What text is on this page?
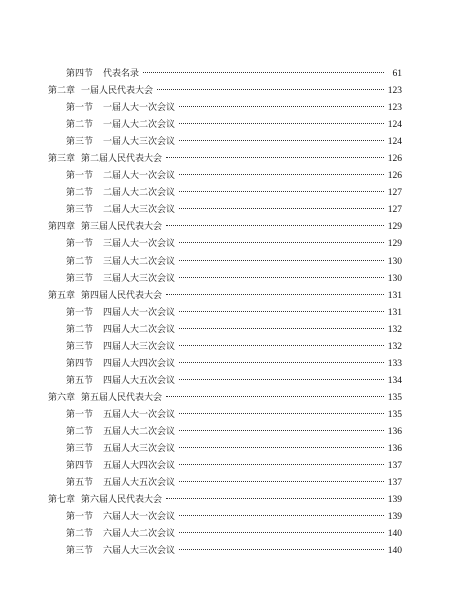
第四节 代表名录	61
第二章 一届人民代表大会	123
第一节 一届人大一次会议	123
第二节 一届人大二次会议	124
第三节 一届人大三次会议	124
第三章 第二届人民代表大会	126
第一节 二届人大一次会议	126
第二节 二届人大二次会议	127
第三节 二届人大三次会议	127
第四章 第三届人民代表大会	129
第一节 三届人大一次会议	129
第二节 三届人大二次会议	130
第三节 三届人大三次会议	130
第五章 第四届人民代表大会	131
第一节 四届人大一次会议	131
第二节 四届人大二次会议	132
第三节 四届人大三次会议	132
第四节 四届人大四次会议	133
第五节 四届人大五次会议	134
第六章 第五届人民代表大会	135
第一节 五届人大一次会议	135
第二节 五届人大二次会议	136
第三节 五届人大三次会议	136
第四节 五届人大四次会议	137
第五节 五届人大五次会议	137
第七章 第六届人民代表大会	139
第一节 六届人大一次会议	139
第二节 六届人大二次会议	140
第三节 六届人大三次会议	140
